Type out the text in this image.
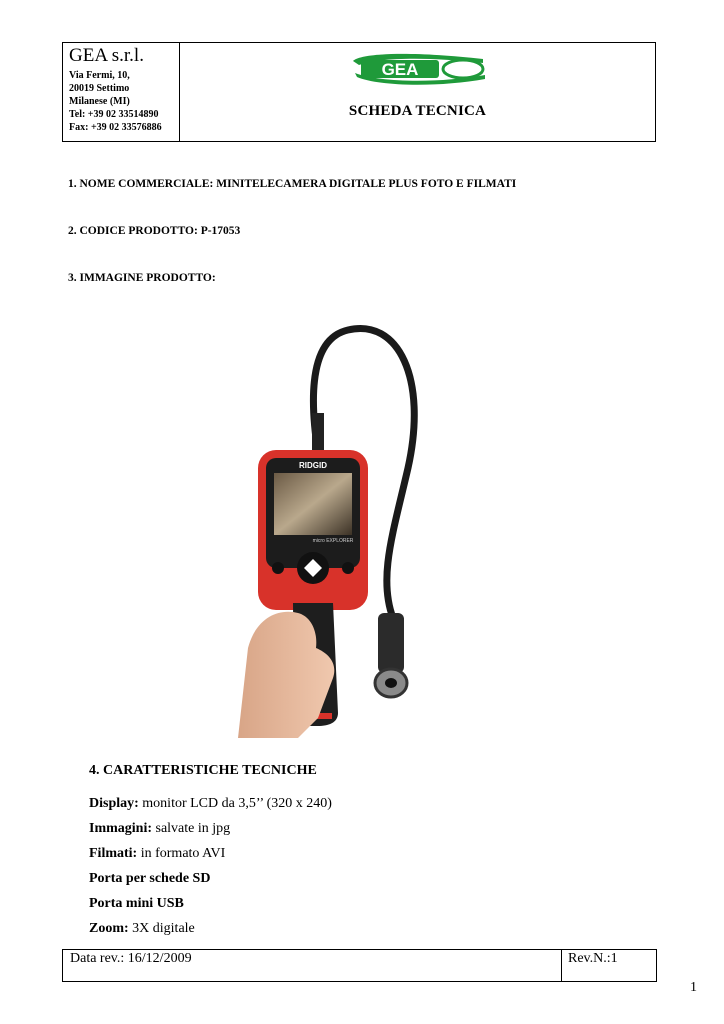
GEA s.r.l.
Via Fermi, 10,
20019 Settimo
Milanese (MI)
Tel: +39 02 33514890
Fax: +39 02 33576886
GEA
SCHEDA TECNICA
1. NOME COMMERCIALE: MINITELECAMERA DIGITALE PLUS FOTO E FILMATI
2. CODICE PRODOTTO: P-17053
3. IMMAGINE PRODOTTO:
RIDGID
micro EXPLORER
4. CARATTERISTICHE TECNICHE
Display: monitor LCD da 3,5’’ (320 x 240)
Immagini: salvate in jpg
Filmati: in formato AVI
Porta per schede SD
Porta mini USB
Zoom: 3X digitale
Data rev.: 16/12/2009	Rev.N.:1
1
